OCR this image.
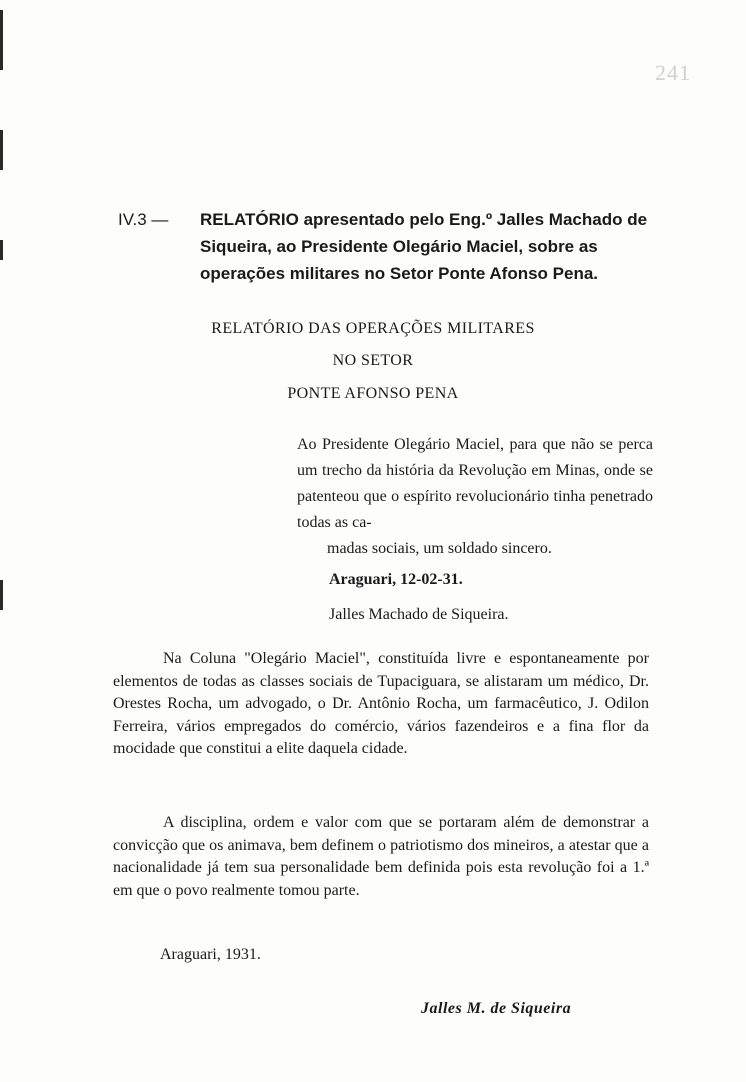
241
IV.3 — RELATÓRIO apresentado pelo Eng.º Jalles Machado de Siqueira, ao Presidente Olegário Maciel, sobre as operações militares no Setor Ponte Afonso Pena.
RELATÓRIO DAS OPERAÇÕES MILITARES
NO SETOR
PONTE AFONSO PENA
Ao Presidente Olegário Maciel, para que não se perca um trecho da história da Revolução em Minas, onde se patenteou que o espírito revolucionário tinha penetrado todas as ca-
madas sociais, um soldado sincero.
Araguari, 12-02-31.
Jalles Machado de Siqueira.
Na Coluna "Olegário Maciel", constituída livre e espontaneamente por elementos de todas as classes sociais de Tupaciguara, se alistaram um médico, Dr. Orestes Rocha, um advogado, o Dr. Antônio Rocha, um farmacêutico, J. Odilon Ferreira, vários empregados do comércio, vários fazendeiros e a fina flor da mocidade que constitui a elite daquela cidade.
A disciplina, ordem e valor com que se portaram além de demonstrar a convicção que os animava, bem definem o patriotismo dos mineiros, a atestar que a nacionalidade já tem sua personalidade bem definida pois esta revolução foi a 1.ª em que o povo realmente tomou parte.
Araguari, 1931.
Jalles M. de Siqueira
